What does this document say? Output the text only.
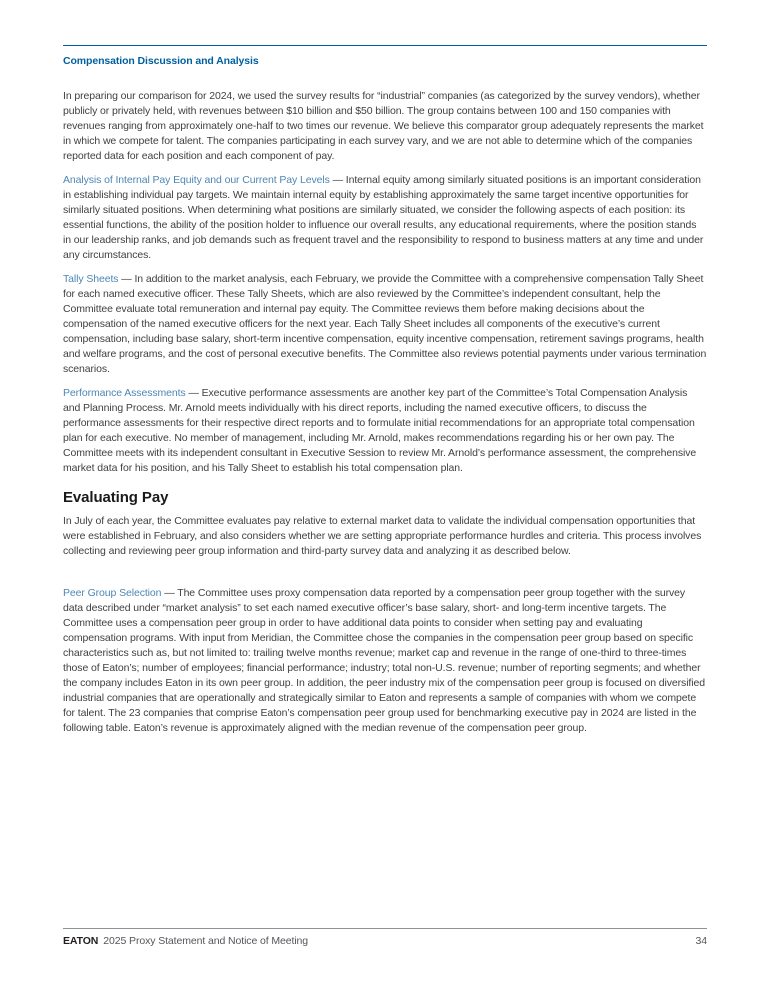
Compensation Discussion and Analysis

In preparing our comparison for 2024, we used the survey results for “industrial” companies (as categorized by the survey vendors), whether publicly or privately held, with revenues between $10 billion and $50 billion. The group contains between 100 and 150 companies with revenues ranging from approximately one-half to two times our revenue. We believe this comparator group adequately represents the market in which we compete for talent. The companies participating in each survey vary, and we are not able to determine which of the companies reported data for each position and each component of pay.

Analysis of Internal Pay Equity and our Current Pay Levels — Internal equity among similarly situated positions is an important consideration in establishing individual pay targets. We maintain internal equity by establishing approximately the same target incentive opportunities for similarly situated positions. When determining what positions are similarly situated, we consider the following aspects of each position: its essential functions, the ability of the position holder to influence our overall results, any educational requirements, where the position stands in our leadership ranks, and job demands such as frequent travel and the responsibility to respond to business matters at any time and under any circumstances.

Tally Sheets — In addition to the market analysis, each February, we provide the Committee with a comprehensive compensation Tally Sheet for each named executive officer. These Tally Sheets, which are also reviewed by the Committee’s independent consultant, help the Committee evaluate total remuneration and internal pay equity. The Committee reviews them before making decisions about the compensation of the named executive officers for the next year. Each Tally Sheet includes all components of the executive’s current compensation, including base salary, short-term incentive compensation, equity incentive compensation, retirement savings programs, health and welfare programs, and the cost of personal executive benefits. The Committee also reviews potential payments under various termination scenarios.

Performance Assessments — Executive performance assessments are another key part of the Committee’s Total Compensation Analysis and Planning Process. Mr. Arnold meets individually with his direct reports, including the named executive officers, to discuss the performance assessments for their respective direct reports and to formulate initial recommendations for an appropriate total compensation plan for each executive. No member of management, including Mr. Arnold, makes recommendations regarding his or her own pay. The Committee meets with its independent consultant in Executive Session to review Mr. Arnold’s performance assessment, the comprehensive market data for his position, and his Tally Sheet to establish his total compensation plan.

Evaluating Pay

In July of each year, the Committee evaluates pay relative to external market data to validate the individual compensation opportunities that were established in February, and also considers whether we are setting appropriate performance hurdles and criteria. This process involves collecting and reviewing peer group information and third-party survey data and analyzing it as described below.

Peer Group Selection — The Committee uses proxy compensation data reported by a compensation peer group together with the survey data described under “market analysis” to set each named executive officer’s base salary, short- and long-term incentive targets. The Committee uses a compensation peer group in order to have additional data points to consider when setting pay and evaluating compensation programs. With input from Meridian, the Committee chose the companies in the compensation peer group based on specific characteristics such as, but not limited to: trailing twelve months revenue; market cap and revenue in the range of one-third to three-times those of Eaton’s; number of employees; financial performance; industry; total non-U.S. revenue; number of reporting segments; and whether the company includes Eaton in its own peer group. In addition, the peer industry mix of the compensation peer group is focused on diversified industrial companies that are operationally and strategically similar to Eaton and represents a sample of companies with whom we compete for talent. The 23 companies that comprise Eaton’s compensation peer group used for benchmarking executive pay in 2024 are listed in the following table. Eaton’s revenue is approximately aligned with the median revenue of the compensation peer group.

EATON 2025 Proxy Statement and Notice of Meeting	34
